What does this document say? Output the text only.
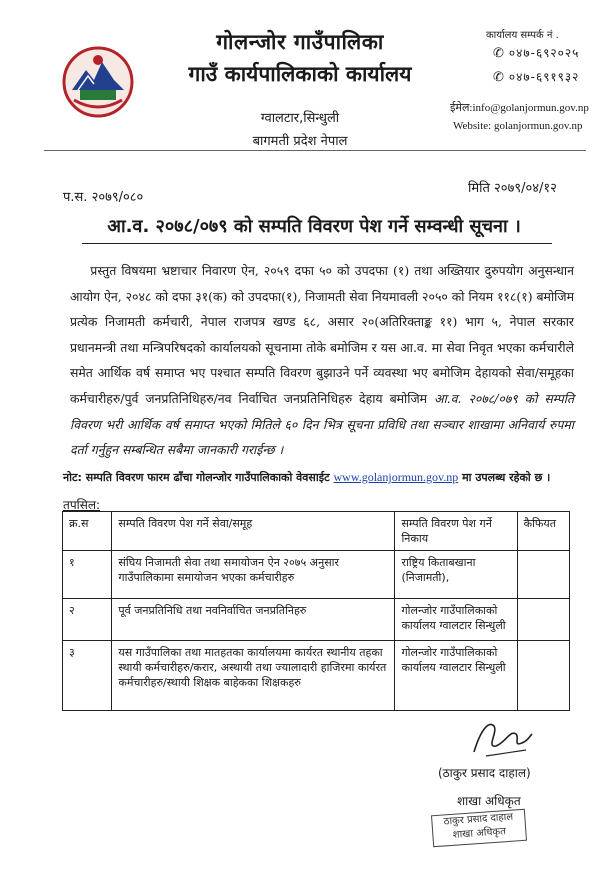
गोलन्जोर गाउँपालिका
गाउँ कार्यपालिकाको कार्यालय
ग्वालटार,सिन्धुली
बागमती प्रदेश नेपाल
कार्यालय सम्पर्क नं .
✆ ०४७-६९२०२५
✆ ०४७-६९१९३२
ईमेल:info@golanjormun.gov.np
Website: golanjormun.gov.np
प.स. २०७९/०८०
मिति २०७९/०४/१२
आ.व. २०७८/०७९ को सम्पति विवरण पेश गर्ने सम्वन्धी सूचना ।
प्रस्तुत विषयमा भ्रष्टाचार निवारण ऐन, २०५९ दफा ५० को उपदफा (१) तथा अख्तियार दुरुपयोग अनुसन्धान आयोग ऐन, २०४८ को दफा ३१(क) को उपदफा(१), निजामती सेवा नियमावली २०५० को नियम ११८(१) बमोजिम प्रत्येक निजामती कर्मचारी, नेपाल राजपत्र खण्ड ६८, असार २०(अतिरिक्ताङ्क ११) भाग ५, नेपाल सरकार प्रधानमन्त्री तथा मन्त्रिपरिषदको कार्यालयको सूचनामा तोके बमोजिम र यस आ.व. मा सेवा निवृत भएका कर्मचारीले समेत आर्थिक वर्ष समाप्त भए पश्चात सम्पति विवरण बुझाउने पर्ने व्यवस्था भए बमोजिम देहायको सेवा/समूहका कर्मचारीहरु/पुर्व जनप्रतिनिधिहरु/नव निर्वाचित जनप्रतिनिधिहरु देहाय बमोजिम आ.व. २०७८/०७९ को सम्पति विवरण भरी आर्थिक वर्ष समाप्त भएको मितिले ६० दिन भित्र सूचना प्रविधि तथा सञ्चार शाखामा अनिवार्य रुपमा दर्ता गर्नुहुन सम्बन्धित सबैमा जानकारी गराईन्छ ।
नोट: सम्पति विवरण फारम ढाँचा गोलन्जोर गाउँपालिकाको वेवसाईट www.golanjormun.gov.np मा उपलब्ध रहेको छ ।
तपसिल:
क्र.स	सम्पति विवरण पेश गर्ने सेवा/समूह	सम्पति विवरण पेश गर्ने निकाय	कैफियत
१	संघिय निजामती सेवा तथा समायोजन ऐन २०७५ अनुसार गाउँपालिकामा समायोजन भएका कर्मचारीहरु	राष्ट्रिय किताबखाना (निजामती),	
२	पूर्व जनप्रतिनिधि तथा नवनिर्वाचित जनप्रतिनिहरु	गोलन्जोर गाउँपालिकाको कार्यालय ग्वालटार सिन्धुली	
३	यस गाउँपालिका तथा मातहतका कार्यालयमा कार्यरत स्थानीय तहका स्थायी कर्मचारीहरु/करार, अस्थायी तथा ज्यालादारी हाजिरमा कार्यरत कर्मचारीहरु/स्थायी शिक्षक बाहेकका शिक्षकहरु	गोलन्जोर गाउँपालिकाको कार्यालय ग्वालटार सिन्धुली	
(ठाकुर प्रसाद दाहाल)
शाखा अधिकृत
ठाकुर प्रसाद दाहाल
शाखा अधिकृत
